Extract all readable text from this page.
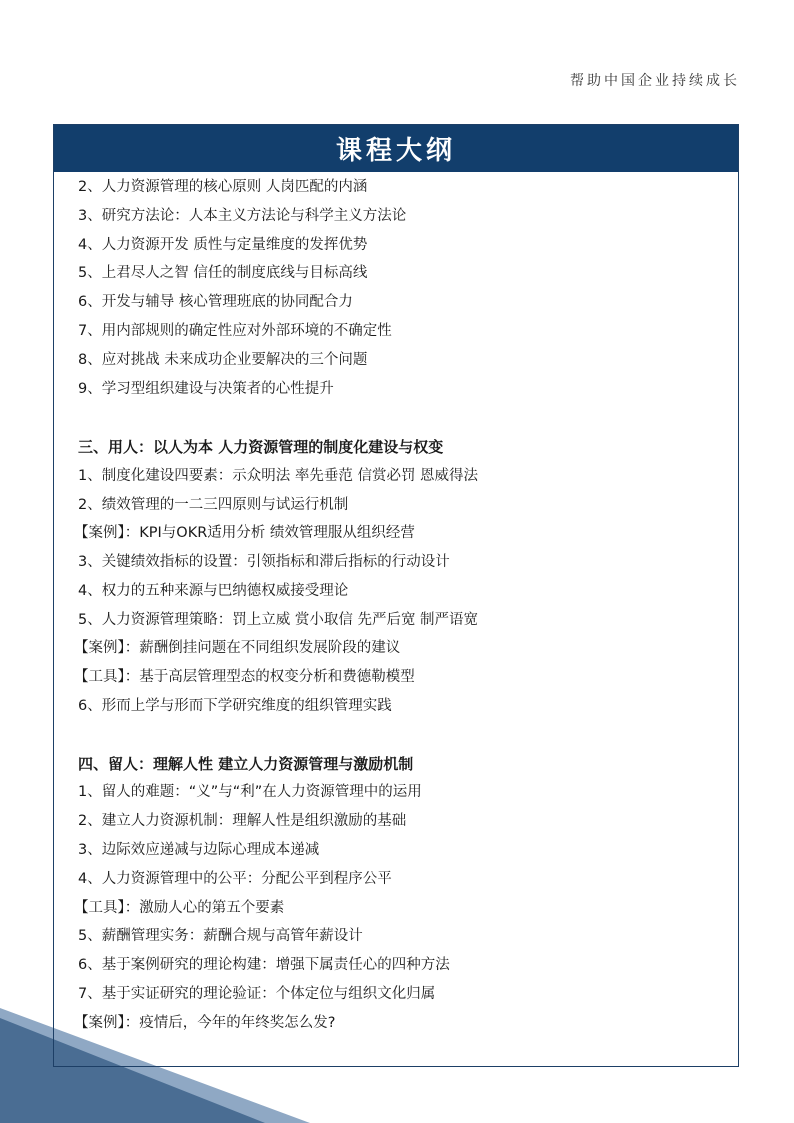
帮助中国企业持续成长
课程大纲
2、人力资源管理的核心原则 人岗匹配的内涵
3、研究方法论：人本主义方法论与科学主义方法论
4、人力资源开发 质性与定量维度的发挥优势
5、上君尽人之智 信任的制度底线与目标高线
6、开发与辅导 核心管理班底的协同配合力
7、用内部规则的确定性应对外部环境的不确定性
8、应对挑战 未来成功企业要解决的三个问题
9、学习型组织建设与决策者的心性提升
三、用人：以人为本 人力资源管理的制度化建设与权变
1、制度化建设四要素：示众明法 率先垂范 信赏必罚 恩威得法
2、绩效管理的一二三四原则与试运行机制
【案例】：KPI与OKR适用分析 绩效管理服从组织经营
3、关键绩效指标的设置：引领指标和滞后指标的行动设计
4、权力的五种来源与巴纳德权威接受理论
5、人力资源管理策略：罚上立威 赏小取信 先严后宽 制严语宽
【案例】：薪酬倒挂问题在不同组织发展阶段的建议
【工具】：基于高层管理型态的权变分析和费德勒模型
6、形而上学与形而下学研究维度的组织管理实践
四、留人：理解人性 建立人力资源管理与激励机制
1、留人的难题：“义”与“利”在人力资源管理中的运用
2、建立人力资源机制：理解人性是组织激励的基础
3、边际效应递减与边际心理成本递减
4、人力资源管理中的公平：分配公平到程序公平
【工具】：激励人心的第五个要素
5、薪酬管理实务：薪酬合规与高管年薪设计
6、基于案例研究的理论构建：增强下属责任心的四种方法
7、基于实证研究的理论验证：个体定位与组织文化归属
【案例】：疫情后，今年的年终奖怎么发?
